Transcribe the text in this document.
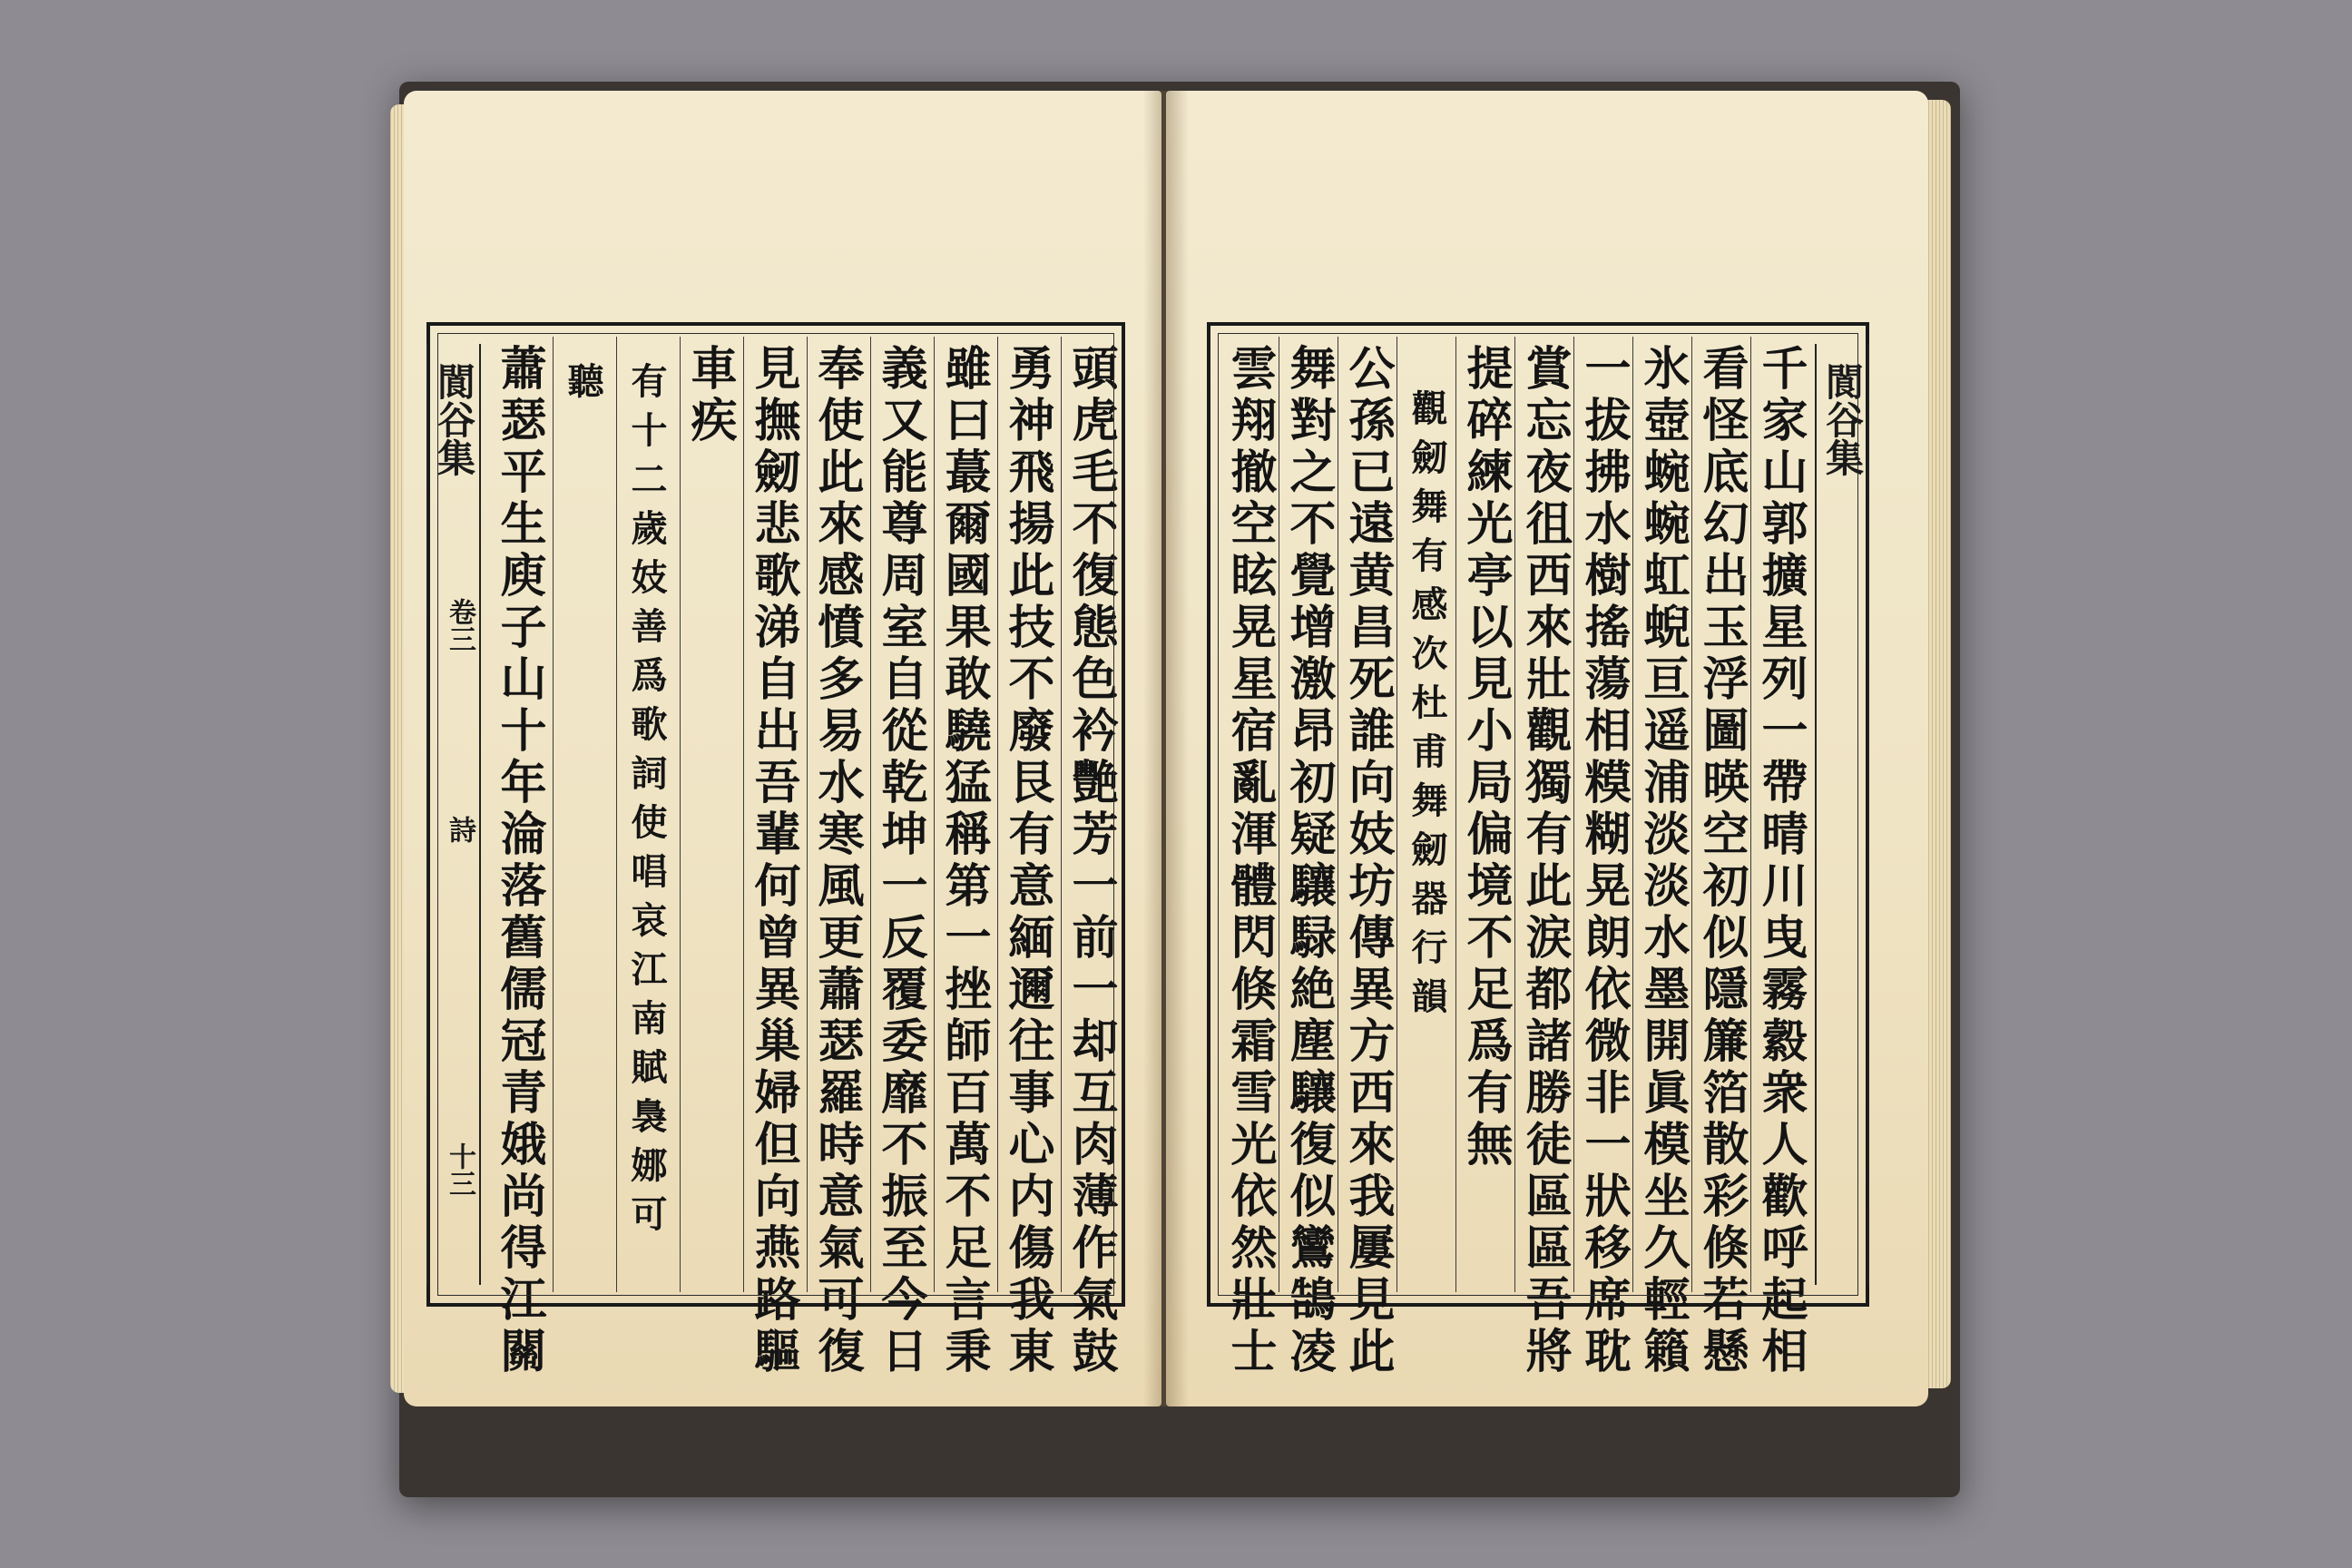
閬谷集
卷三
詩
十三	頭虎毛不復態色衿艷芳一前一却互肉薄作氣鼓
勇神飛揚此技不廢艮有意緬邇往事心内傷我東
雖曰蕞爾國果敢驍猛稱第一挫師百萬不足言秉
義又能尊周室自從乾坤一反覆委靡不振至今日
奉使此來感憤多易水寒風更蕭瑟羅時意氣可復
見撫劒悲歌涕自出吾輩何曾異巢婦但向燕路驅
車疾
有十二歲妓善爲歌詞使唱哀江南賦裊娜可
聽
蕭瑟平生庾子山十年淪落舊儒冠青娥尚得江關	閬谷集
千家山郭擴星列一帶晴川曳霧縠衆人歡呼起相
看怪底幻出玉浮圖暎空初似隱簾箔散彩倏若懸
氷壺蜿蜿虹蜺亘遥浦淡淡水墨開眞模坐久輕籟
一拔拂水樹搖蕩相糢糊晃朗依微非一狀移席耽
賞忘夜徂西來壯觀獨有此涙都諸勝徒區區吾將
提碎練光亭以見小局偏境不足爲有無
觀劒舞有感次杜甫舞劒器行韻
公孫已遠黄昌死誰向妓坊傳異方西來我屢見此
舞對之不覺增激昂初疑驤騄絶塵驤復似鸞鵠凌
雲翔撤空眩晃星宿亂渾體閃倏霜雪光依然壯士
